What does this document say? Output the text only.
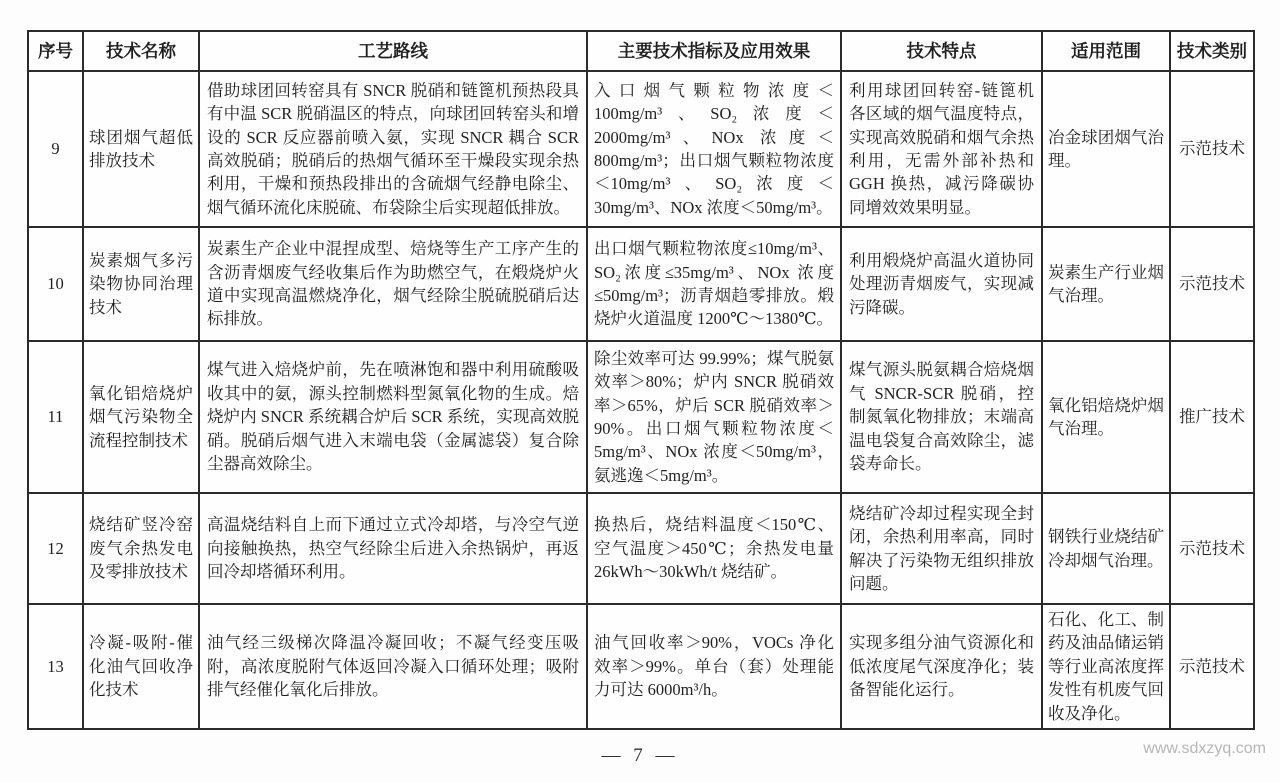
序号	技术名称	工艺路线	主要技术指标及应用效果	技术特点	适用范围	技术类别
9	球团烟气超低排放技术	借助球团回转窑具有 SNCR 脱硝和链篦机预热段具有中温 SCR 脱硝温区的特点，向球团回转窑头和增设的 SCR 反应器前喷入氨，实现 SNCR 耦合 SCR 高效脱硝；脱硝后的热烟气循环至干燥段实现余热利用，干燥和预热段排出的含硫烟气经静电除尘、烟气循环流化床脱硫、布袋除尘后实现超低排放。	入口烟气颗粒物浓度＜100mg/m³、SO₂浓度＜2000mg/m³、NOx 浓度＜800mg/m³；出口烟气颗粒物浓度＜10mg/m³、SO₂浓度＜30mg/m³、NOx 浓度＜50mg/m³。	利用球团回转窑-链篦机各区域的烟气温度特点，实现高效脱硝和烟气余热利用，无需外部补热和 GGH 换热，减污降碳协同增效效果明显。	冶金球团烟气治理。	示范技术
10	炭素烟气多污染物协同治理技术	炭素生产企业中混捏成型、焙烧等生产工序产生的含沥青烟废气经收集后作为助燃空气，在煅烧炉火道中实现高温燃烧净化，烟气经除尘脱硫脱硝后达标排放。	出口烟气颗粒物浓度≤10mg/m³、SO₂浓度≤35mg/m³、NOx 浓度≤50mg/m³；沥青烟趋零排放。煅烧炉火道温度 1200℃～1380℃。	利用煅烧炉高温火道协同处理沥青烟废气，实现减污降碳。	炭素生产行业烟气治理。	示范技术
11	氧化铝焙烧炉烟气污染物全流程控制技术	煤气进入焙烧炉前，先在喷淋饱和器中利用硫酸吸收其中的氨，源头控制燃料型氮氧化物的生成。焙烧炉内 SNCR 系统耦合炉后 SCR 系统，实现高效脱硝。脱硝后烟气进入末端电袋（金属滤袋）复合除尘器高效除尘。	除尘效率可达 99.99%；煤气脱氨效率＞80%；炉内 SNCR 脱硝效率＞65%，炉后 SCR 脱硝效率＞90%。出口烟气颗粒物浓度＜5mg/m³、NOx 浓度＜50mg/m³，氨逃逸＜5mg/m³。	煤气源头脱氨耦合焙烧烟气 SNCR-SCR 脱硝，控制氮氧化物排放；末端高温电袋复合高效除尘，滤袋寿命长。	氧化铝焙烧炉烟气治理。	推广技术
12	烧结矿竖冷窑废气余热发电及零排放技术	高温烧结料自上而下通过立式冷却塔，与冷空气逆向接触换热，热空气经除尘后进入余热锅炉，再返回冷却塔循环利用。	换热后，烧结料温度＜150℃、空气温度＞450℃；余热发电量 26kWh～30kWh/t 烧结矿。	烧结矿冷却过程实现全封闭，余热利用率高，同时解决了污染物无组织排放问题。	钢铁行业烧结矿冷却烟气治理。	示范技术
13	冷凝-吸附-催化油气回收净化技术	油气经三级梯次降温冷凝回收；不凝气经变压吸附，高浓度脱附气体返回冷凝入口循环处理；吸附排气经催化氧化后排放。	油气回收率＞90%，VOCs 净化效率＞99%。单台（套）处理能力可达 6000m³/h。	实现多组分油气资源化和低浓度尾气深度净化；装备智能化运行。	石化、化工、制药及油品储运销等行业高浓度挥发性有机废气回收及净化。	示范技术
— 7 —	www.sdxzyq.com
